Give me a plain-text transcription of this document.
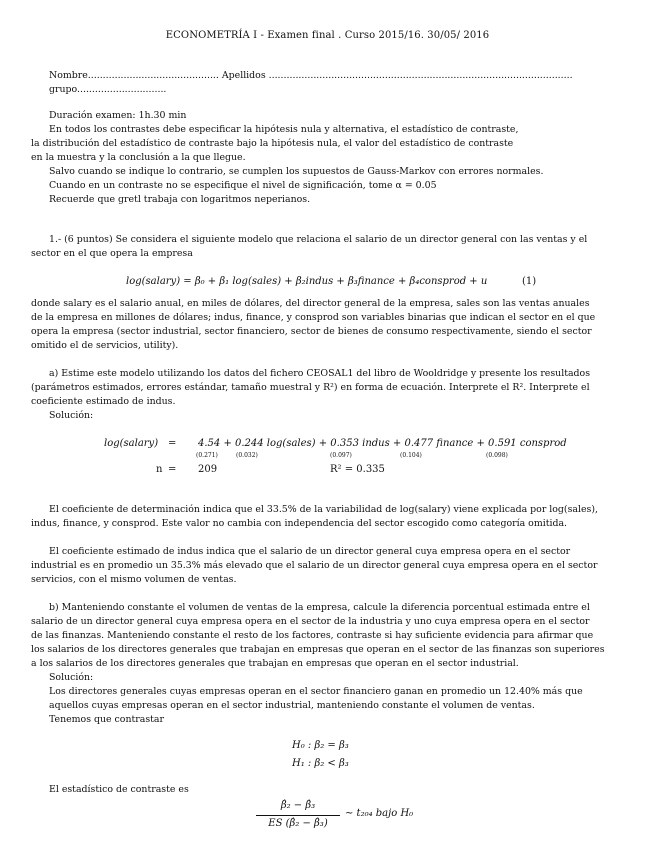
ECONOMETRÍA I - Examen final . Curso 2015/16. 30/05/ 2016
Nombre............................................ Apellidos ......................................................................................................
grupo..............................
Duración examen: 1h.30 min
En todos los contrastes debe especificar la hipótesis nula y alternativa, el estadístico de contraste,
la distribución del estadístico de contraste bajo la hipótesis nula, el valor del estadístico de contraste
en la muestra y la conclusión a la que llegue.
Salvo cuando se indique lo contrario, se cumplen los supuestos de Gauss-Markov con errores normales.
Cuando en un contraste no se especifique el nivel de significación, tome α = 0.05
Recuerde que gretl trabaja con logaritmos neperianos.
1.- (6 puntos) Se considera el siguiente modelo que relaciona el salario de un director general con las ventas y el
sector en el que opera la empresa
log(salary) = β₀ + β₁ log(sales) + β₂indus + β₃finance + β₄consprod + u	(1)
donde salary es el salario anual, en miles de dólares, del director general de la empresa, sales son las ventas anuales
de la empresa en millones de dólares; indus, finance, y consprod son variables binarias que indican el sector en el que
opera la empresa (sector industrial, sector financiero, sector de bienes de consumo respectivamente, siendo el sector
omitido el de servicios, utility).
a) Estime este modelo utilizando los datos del fichero CEOSAL1 del libro de Wooldridge y presente los resultados
(parámetros estimados, errores estándar, tamaño muestral y R²) en forma de ecuación. Interprete el R². Interprete el
coeficiente estimado de indus.
Solución:
log(salary) = 4.54 + 0.244 log(sales) + 0.353 indus + 0.477 finance + 0.591 consprod
(0.271)	(0.032)	(0.097)	(0.104)	(0.098)
n = 209	R² = 0.335
El coeficiente de determinación indica que el 33.5% de la variabilidad de log(salary) viene explicada por log(sales),
indus, finance, y consprod. Este valor no cambia con independencia del sector escogido como categoría omitida.
El coeficiente estimado de indus indica que el salario de un director general cuya empresa opera en el sector
industrial es en promedio un 35.3% más elevado que el salario de un director general cuya empresa opera en el sector
servicios, con el mismo volumen de ventas.
b) Manteniendo constante el volumen de ventas de la empresa, calcule la diferencia porcentual estimada entre el
salario de un director general cuya empresa opera en el sector de la industria y uno cuya empresa opera en el sector
de las finanzas. Manteniendo constante el resto de los factores, contraste si hay suficiente evidencia para afirmar que
los salarios de los directores generales que trabajan en empresas que operan en el sector de las finanzas son superiores
a los salarios de los directores generales que trabajan en empresas que operan en el sector industrial.
Solución:
Los directores generales cuyas empresas operan en el sector financiero ganan en promedio un 12.40% más que
aquellos cuyas empresas operan en el sector industrial, manteniendo constante el volumen de ventas.
Tenemos que contrastar
H₀ : β₂ = β₃
H₁ : β₂ < β₃
El estadístico de contraste es
β̂₂ − β̂₃
ES (β̂₂ − β̂₃)
∼ t₂₀₄ bajo H₀
